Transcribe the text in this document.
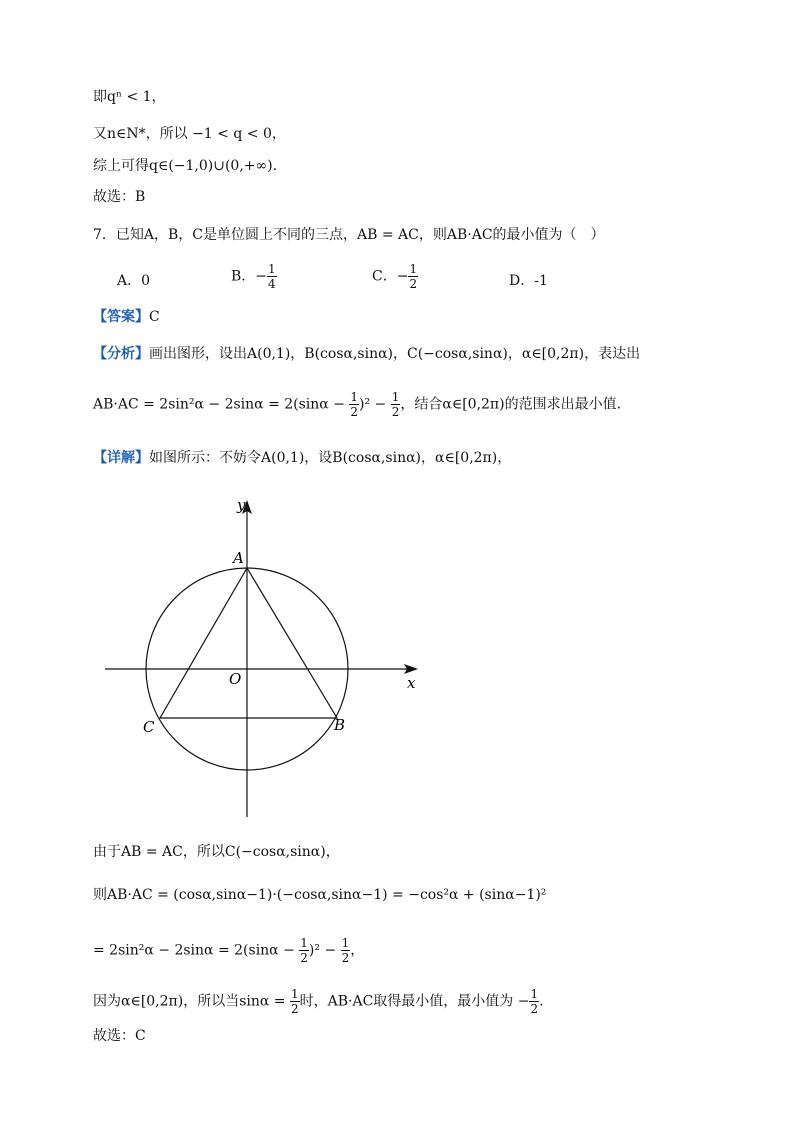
即qⁿ < 1，
又n∈N*，所以 −1 < q < 0，
综上可得q∈(−1,0)∪(0,+∞).
故选：B
7．已知A，B，C是单位圆上不同的三点，AB = AC，则AB·AC的最小值为（　）
A．0	B．− $\frac{1}{4}$	C．− $\frac{1}{2}$	D．-1
【答案】C
【分析】画出图形，设出A(0,1)，B(cosα,sinα)，C(−cosα,sinα)，α∈[0,2π)，表达出
$AB\cdot AC = 2\sin^2\alpha - 2\sin\alpha = 2(\sin\alpha - \frac{1}{2} )^2 - \frac{1}{2}$ ，结合α∈[0,2π)的范围求出最小值.
【详解】如图所示：不妨令A(0,1)，设B(cosα,sinα)，α∈[0,2π)，
y
x
O
A
B
C
由于AB = AC，所以C(−cosα,sinα)，
则AB·AC = (cosα,sinα−1)·(−cosα,sinα−1) = −cos²α + (sinα−1)²
= $2\sin^2\alpha - 2\sin\alpha = 2(\sin\alpha - \frac{1}{2} )^2 - \frac{1}{2}$ ，
因为α∈[0,2π)，所以当$\sin\alpha = \frac{1}{2}$ 时，AB·AC取得最小值，最小值为 − $\frac{1}{2}$ .
故选：C
